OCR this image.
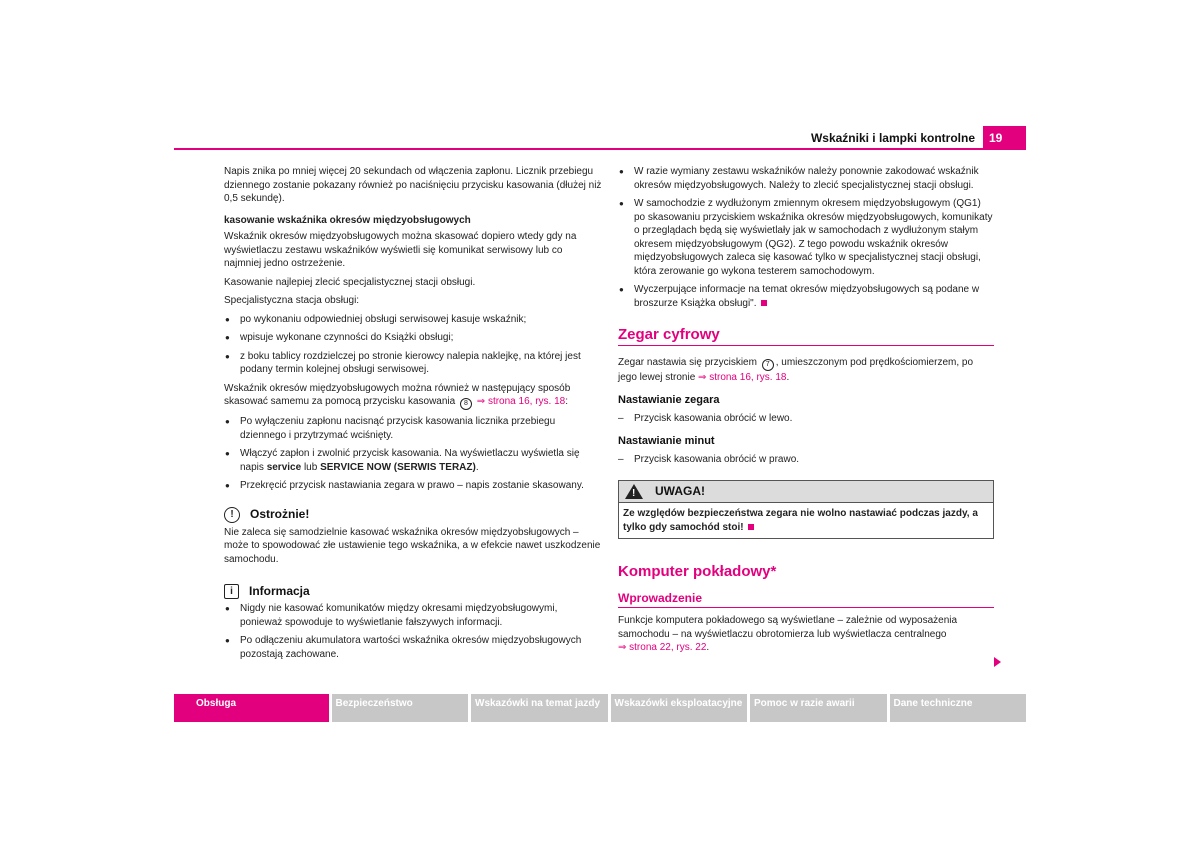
Wskaźniki i lampki kontrolne	19

Napis znika po mniej więcej 20 sekundach od włączenia zapłonu. Licznik przebiegu dziennego zostanie pokazany również po naciśnięciu przycisku kasowania (dłużej niż 0,5 sekundę).

kasowanie wskaźnika okresów międzyobsługowych

Wskaźnik okresów międzyobsługowych można skasować dopiero wtedy gdy na wyświetlaczu zestawu wskaźników wyświetli się komunikat serwisowy lub co najmniej jedno ostrzeżenie.

Kasowanie najlepiej zlecić specjalistycznej stacji obsługi.

Specjalistyczna stacja obsługi:

● po wykonaniu odpowiedniej obsługi serwisowej kasuje wskaźnik;
● wpisuje wykonane czynności do Książki obsługi;
● z boku tablicy rozdzielczej po stronie kierowcy nalepia naklejkę, na której jest podany termin kolejnej obsługi serwisowej.

Wskaźnik okresów międzyobsługowych można również w następujący sposób skasować samemu za pomocą przycisku kasowania 8 ⇒ strona 16, rys. 18:

● Po wyłączeniu zapłonu nacisnąć przycisk kasowania licznika przebiegu dziennego i przytrzymać wciśnięty.
● Włączyć zapłon i zwolnić przycisk kasowania. Na wyświetlaczu wyświetla się napis service lub SERVICE NOW (SERWIS TERAZ).
● Przekręcić przycisk nastawiania zegara w prawo – napis zostanie skasowany.
!	Ostrożnie!

Nie zaleca się samodzielnie kasować wskaźnika okresów międzyobsługowych – może to spowodować złe ustawienie tego wskaźnika, a w efekcie nawet uszkodzenie samochodu.

i	Informacja
● Nigdy nie kasować komunikatów między okresami międzyobsługowymi, ponieważ spowoduje to wyświetlanie fałszywych informacji.
● Po odłączeniu akumulatora wartości wskaźnika okresów międzyobsługowych pozostają zachowane.
● W razie wymiany zestawu wskaźników należy ponownie zakodować wskaźnik okresów międzyobsługowych. Należy to zlecić specjalistycznej stacji obsługi.
● W samochodzie z wydłużonym zmiennym okresem międzyobsługowym (QG1) po skasowaniu przyciskiem wskaźnika okresów międzyobsługowych, komunikaty o przeglądach będą się wyświetlały jak w samochodach z wydłużonym stałym okresem międzyobsługowym (QG2). Z tego powodu wskaźnik okresów międzyobsługowych zaleca się kasować tylko w specjalistycznej stacji obsługi, która zerowanie go wykona testerem samochodowym.
● Wyczerpujące informacje na temat okresów międzyobsługowych są podane w broszurze Książka obsługi".
Zegar cyfrowy

Zegar nastawia się przyciskiem 7 , umieszczonym pod prędkościomierzem, po jego lewej stronie ⇒ strona 16, rys. 18.

Nastawianie zegara
– Przycisk kasowania obrócić w lewo.
Nastawianie minut
– Przycisk kasowania obrócić w prawo.
!
UWAGA!
Ze względów bezpieczeństwa zegara nie wolno nastawiać podczas jazdy, a tylko gdy samochód stoi!
Komputer pokładowy*
Wprowadzenie

Funkcje komputera pokładowego są wyświetlane – zależnie od wyposażenia samochodu – na wyświetlaczu obrotomierza lub wyświetlacza centralnego
⇒ strona 22, rys. 22.

Obsługa	Bezpieczeństwo	Wskazówki na temat jazdy	Wskazówki eksploatacyjne	Pomoc w razie awarii	Dane techniczne
